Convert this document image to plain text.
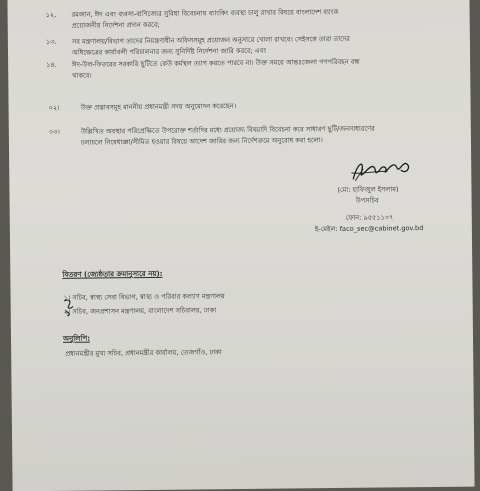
১২.	রমজান, ঈদ এবং ব্যবসা-বাণিজ্যের সুবিধা বিবেচনায় ব্যাংকিং ব্যবস্থা চালু রাখার বিষয়ে বাংলাদেশ ব্যাংক
প্রয়োজনীয় নির্দেশনা প্রদান করবে;
১৩.	সব মন্ত্রণালয়/বিভাগ তাদের নিয়ন্ত্রণাধীন অফিসসমূহ প্রয়োজন অনুসারে খোলা রাখবে। সেইসঙ্গে তারা তাদের
অধিক্ষেত্রের কার্যাবলী পরিচালনার জন্য সুনির্দিষ্ট নির্দেশনা জারি করবে; এবং
১৪.	ঈদ-উল-ফিতরের সরকারি ছুটিতে কেউ কর্মস্থল ত্যাগ করতে পারবে না। উক্ত সময়ে আন্তঃজেলা গণপরিবহন বন্ধ
থাকবে।
০২।	উক্ত প্রস্তাবসমূহ মাননীয় প্রধানমন্ত্রী সদয় অনুমোদন করেছেন।
০৩।	উল্লিখিত অবস্থার পরিপ্রেক্ষিতে উপরোক্ত শর্তাদির মধ্যে প্রয়োজ্য বিষয়াদি বিবেচনা করে সাধারণ ছুটি/জনসাধারণের
চলাচলে নিষেধাজ্ঞা/সীমিত হওয়ার বিষয়ে আদেশ জারির জন্য নির্দেশক্রমে অনুরোধ করা হলো।
(মো: হাফিজুল ইসলাম)
উপসচিব
ফোন: ৯৫৫১১০৭
ই-মেইল: faco_sec@cabinet.gov.bd
বিতরণ (জ্যেষ্ঠতার ক্রমানুসারে নয়):
১। সচিব, স্বাস্থ্য সেবা বিভাগ, স্বাস্থ্য ও পরিবার কল্যাণ মন্ত্রণালয়
২। সচিব, জনপ্রশাসন মন্ত্রণালয়, বাংলাদেশ সচিবালয়, ঢাকা
অনুলিপি:
প্রধানমন্ত্রীর মুখ্য সচিব, প্রধানমন্ত্রীর কার্যালয়, তেজগাঁও, ঢাকা
